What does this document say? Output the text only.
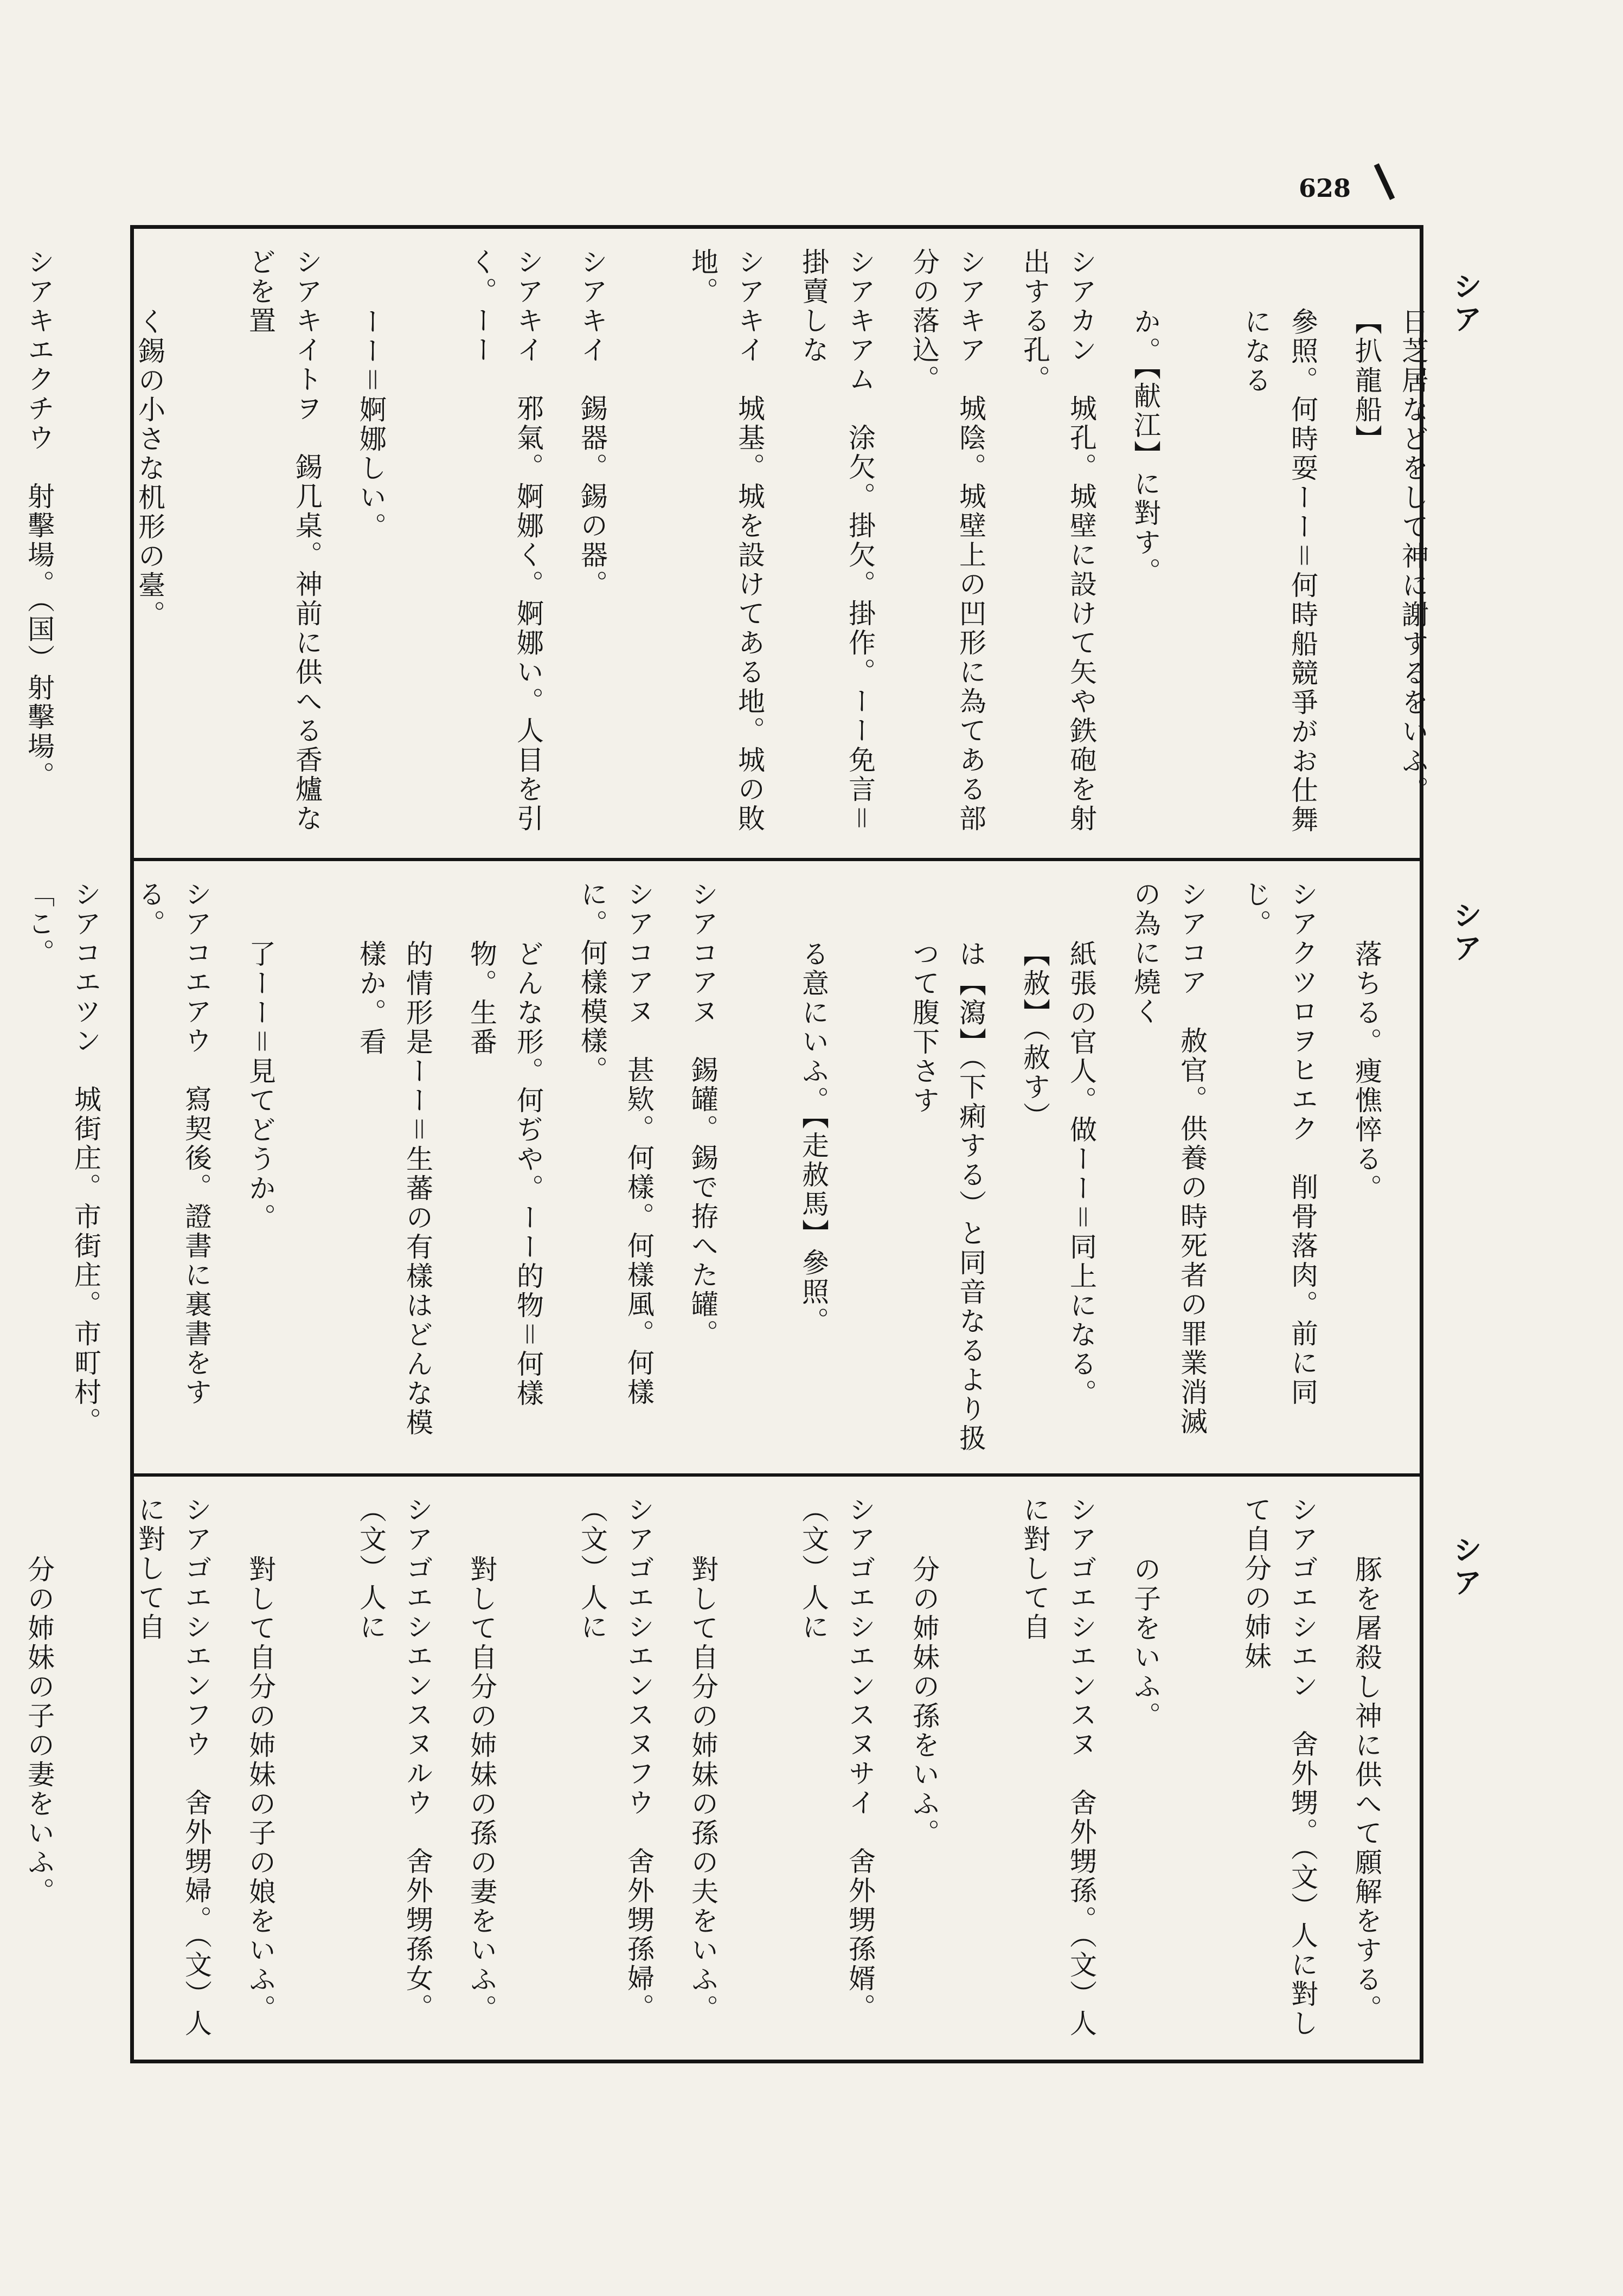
628
シア
シア
シア
日芝居などをして神に謝するをいふ。【扒龍船】
參照。何時耍ーー＝何時船競爭がお仕舞になる
か。【献江】に對す。
シアカン　城孔。城壁に設けて矢や鉄砲を射出する孔。
シアキア　城陰。城壁上の凹形に為てある部分の落込。
シアキアム　涂欠。掛欠。掛作。ーー免言＝掛賣しな
シアキイ　城基。城を設けてある地。城の敗地。
シアキイ　錫器。錫の器。
シアキイ　邪氣。婀娜く。婀娜い。人目を引く。ーー
ーー＝婀娜しい。
シアキイトヲ　錫几桌。神前に供へる香爐などを置
く錫の小さな机形の臺。
シアキエクチウ　射擊場。（国）射擊場。
落ちる。痩憔悴る。
シアクツロヲヒエク　削骨落肉。前に同じ。
シアコア　赦官。供養の時死者の罪業消滅の為に燒く
紙張の官人。做ーー＝同上になる。【赦】（赦す）
は【瀉】（下痢する）と同音なるより扱つて腹下さす
る意にいふ。【走赦馬】參照。
シアコアヌ　錫罐。錫で拵へた罐。
シアコアヌ　甚欵。何樣。何樣風。何樣に。何樣模樣。
どんな形。何ぢや。ーー的物＝何樣物。生番
的情形是ーー＝生蕃の有樣はどんな模樣か。看
了ーー＝見てどうか。
シアコエアウ　寫契後。證書に裏書をする。
シアコエツン　城街庄。市街庄。市町村。「こ。
豚を屠殺し神に供へて願解をする。
シアゴエシエン　舍外甥。（文）人に對して自分の姉妹
の子をいふ。
シアゴエシエンスヌ　舍外甥孫。（文）人に對して自
分の姉妹の孫をいふ。
シアゴエシエンスヌサイ　舍外甥孫婿。（文）人に
對して自分の姉妹の孫の夫をいふ。
シアゴエシエンスヌフウ　舍外甥孫婦。（文）人に
對して自分の姉妹の孫の妻をいふ。
シアゴエシエンスヌルウ　舍外甥孫女。（文）人に
對して自分の姉妹の子の娘をいふ。
シアゴエシエンフウ　舍外甥婦。（文）人に對して自
分の姉妹の子の妻をいふ。
